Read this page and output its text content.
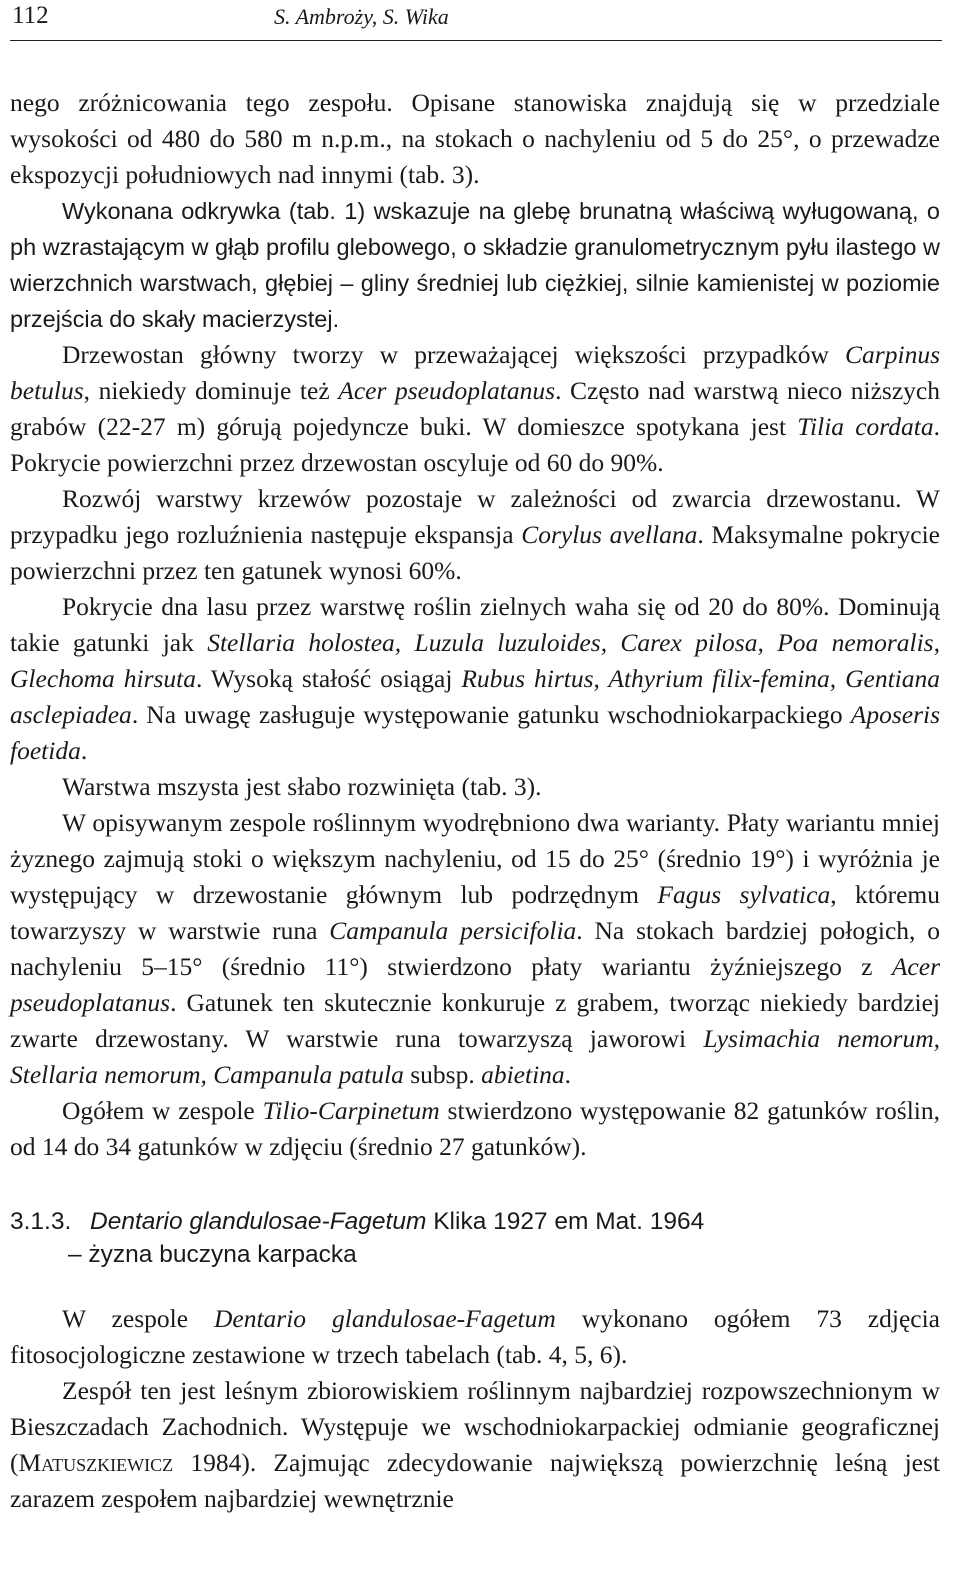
112	S. Ambroży, S. Wika

nego zróżnicowania tego zespołu. Opisane stanowiska znajdują się w przedziale wysokości od 480 do 580 m n.p.m., na stokach o nachyleniu od 5 do 25°, o przewadze ekspozycji południowych nad innymi (tab. 3).

Wykonana odkrywka (tab. 1) wskazuje na glebę brunatną właściwą wyługowaną, o ph wzrastającym w głąb profilu glebowego, o składzie granulometrycznym pyłu ilastego w wierzchnich warstwach, głębiej – gliny średniej lub ciężkiej, silnie kamienistej w poziomie przejścia do skały macierzystej.

Drzewostan główny tworzy w przeważającej większości przypadków Carpinus betulus, niekiedy dominuje też Acer pseudoplatanus. Często nad warstwą nieco niższych grabów (22-27 m) górują pojedyncze buki. W domieszce spotykana jest Tilia cordata. Pokrycie powierzchni przez drzewostan oscyluje od 60 do 90%.

Rozwój warstwy krzewów pozostaje w zależności od zwarcia drzewostanu. W przypadku jego rozluźnienia następuje ekspansja Corylus avellana. Maksymalne pokrycie powierzchni przez ten gatunek wynosi 60%.

Pokrycie dna lasu przez warstwę roślin zielnych waha się od 20 do 80%. Dominują takie gatunki jak Stellaria holostea, Luzula luzuloides, Carex pilosa, Poa nemoralis, Glechoma hirsuta. Wysoką stałość osiągaj Rubus hirtus, Athyrium filix-femina, Gentiana asclepiadea. Na uwagę zasługuje występowanie gatunku wschodniokarpackiego Aposeris foetida.

Warstwa mszysta jest słabo rozwinięta (tab. 3).

W opisywanym zespole roślinnym wyodrębniono dwa warianty. Płaty wariantu mniej żyznego zajmują stoki o większym nachyleniu, od 15 do 25° (średnio 19°) i wyróżnia je występujący w drzewostanie głównym lub podrzędnym Fagus sylvatica, któremu towarzyszy w warstwie runa Campanula persicifolia. Na stokach bardziej połogich, o nachyleniu 5–15° (średnio 11°) stwierdzono płaty wariantu żyźniejszego z Acer pseudoplatanus. Gatunek ten skutecznie konkuruje z grabem, tworząc niekiedy bardziej zwarte drzewostany. W warstwie runa towarzyszą jaworowi Lysimachia nemorum, Stellaria nemorum, Campanula patula subsp. abietina.

Ogółem w zespole Tilio-Carpinetum stwierdzono występowanie 82 gatunków roślin, od 14 do 34 gatunków w zdjęciu (średnio 27 gatunków).

3.1.3. Dentario glandulosae-Fagetum Klika 1927 em Mat. 1964
– żyzna buczyna karpacka

W zespole Dentario glandulosae-Fagetum wykonano ogółem 73 zdjęcia fitosocjologiczne zestawione w trzech tabelach (tab. 4, 5, 6).

Zespół ten jest leśnym zbiorowiskiem roślinnym najbardziej rozpowszechnionym w Bieszczadach Zachodnich. Występuje we wschodniokarpackiej odmianie geograficznej (Matuszkiewicz 1984). Zajmując zdecydowanie największą powierzchnię leśną jest zarazem zespołem najbardziej wewnętrznie
